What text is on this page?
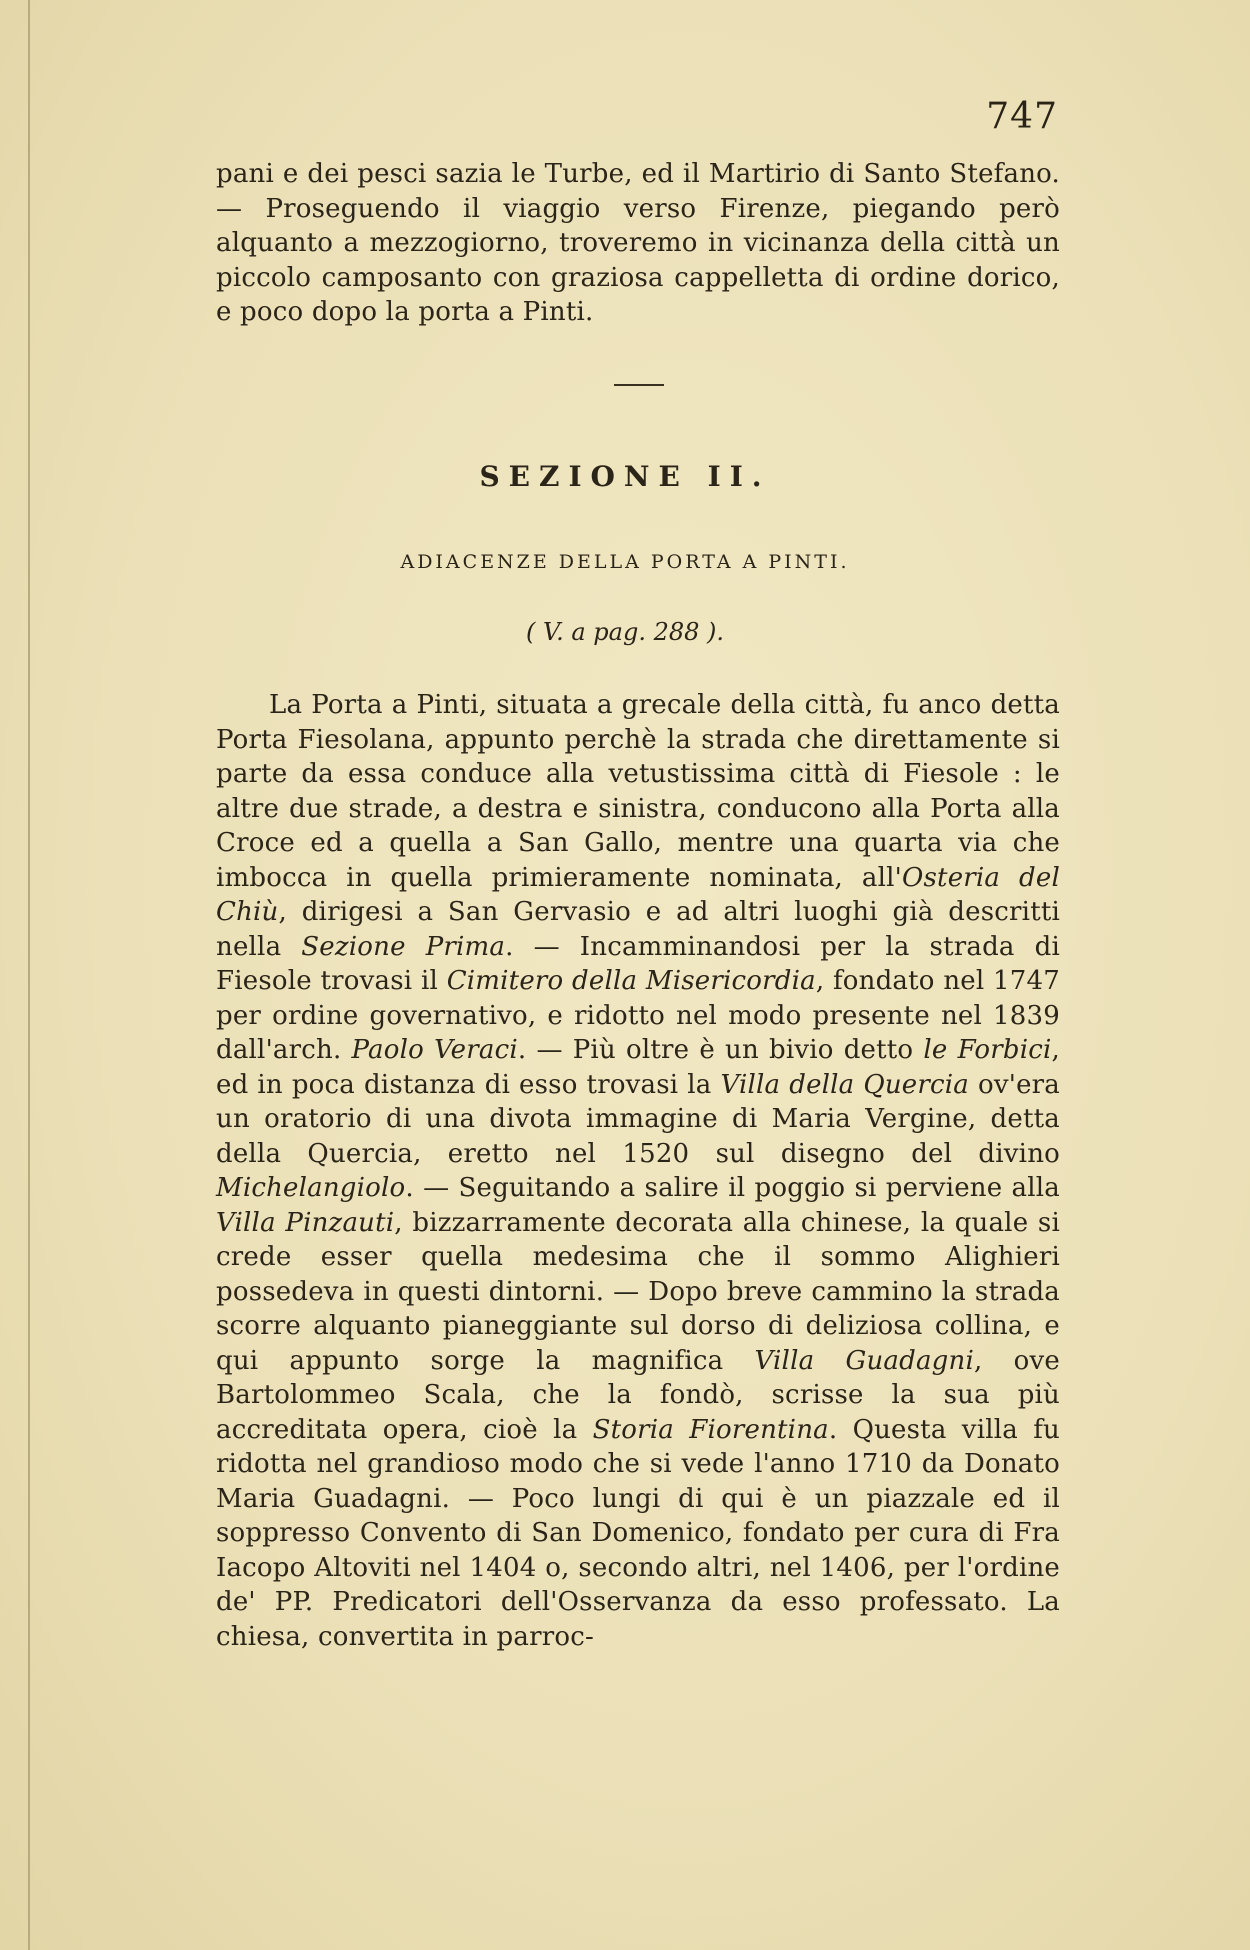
747

pani e dei pesci sazia le Turbe, ed il Martirio di Santo Stefano. — Proseguendo il viaggio verso Firenze, piegando però alquanto a mezzogiorno, troveremo in vicinanza della città un piccolo camposanto con graziosa cappelletta di ordine dorico, e poco dopo la porta a Pinti.

SEZIONE II.
ADIACENZE DELLA PORTA A PINTI.
( V. a pag. 288 ).

La Porta a Pinti, situata a grecale della città, fu anco detta Porta Fiesolana, appunto perchè la strada che direttamente si parte da essa conduce alla vetustissima città di Fiesole : le altre due strade, a destra e sinistra, conducono alla Porta alla Croce ed a quella a San Gallo, mentre una quarta via che imbocca in quella primieramente nominata, all'Osteria del Chiù, dirigesi a San Gervasio e ad altri luoghi già descritti nella Sezione Prima. — Incamminandosi per la strada di Fiesole trovasi il Cimitero della Misericordia, fondato nel 1747 per ordine governativo, e ridotto nel modo presente nel 1839 dall'arch. Paolo Veraci. — Più oltre è un bivio detto le Forbici, ed in poca distanza di esso trovasi la Villa della Quercia ov'era un oratorio di una divota immagine di Maria Vergine, detta della Quercia, eretto nel 1520 sul disegno del divino Michelangiolo. — Seguitando a salire il poggio si perviene alla Villa Pinzauti, bizzarramente decorata alla chinese, la quale si crede esser quella medesima che il sommo Alighieri possedeva in questi dintorni. — Dopo breve cammino la strada scorre alquanto pianeggiante sul dorso di deliziosa collina, e qui appunto sorge la magnifica Villa Guadagni, ove Bartolommeo Scala, che la fondò, scrisse la sua più accreditata opera, cioè la Storia Fiorentina. Questa villa fu ridotta nel grandioso modo che si vede l'anno 1710 da Donato Maria Guadagni. — Poco lungi di qui è un piazzale ed il soppresso Convento di San Domenico, fondato per cura di Fra Iacopo Altoviti nel 1404 o, secondo altri, nel 1406, per l'ordine de' PP. Predicatori dell'Osservanza da esso professato. La chiesa, convertita in parroc-
